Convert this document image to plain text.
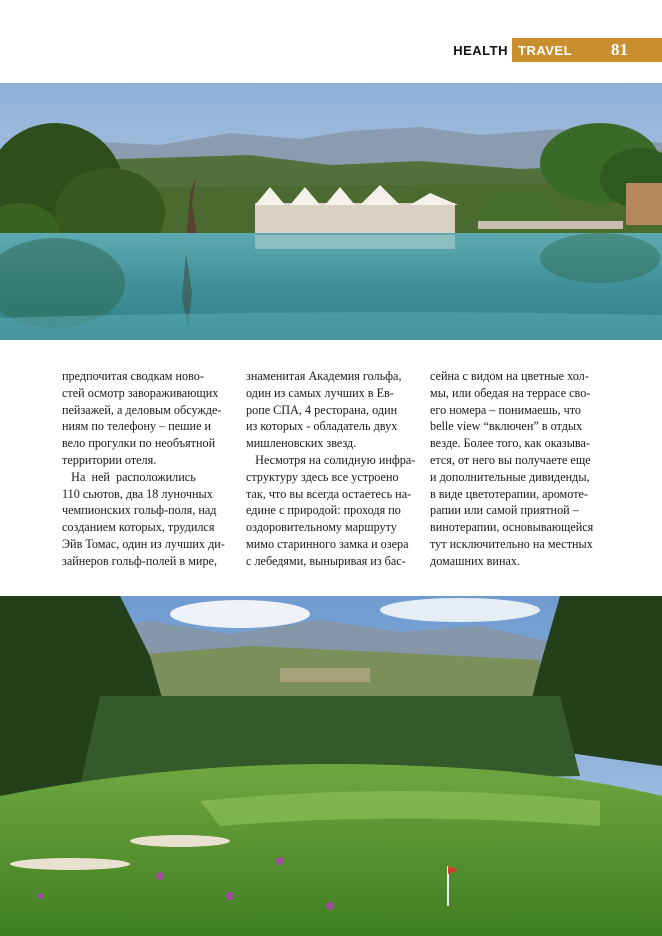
HEALTH TRAVEL 81
предпочитая сводкам ново-
стей осмотр завораживающих
пейзажей, а деловым обсужде-
ниям по телефону – пешие и
вело прогулки по необъятной
территории отеля.
На  ней  расположились
110 сьютов, два 18 луночных
чемпионских гольф-поля, над
созданием которых, трудился
Эйв Томас, один из лучших ди-
зайнеров гольф-полей в мире,
знаменитая Академия гольфа,
один из самых лучших в Ев-
ропе СПА, 4 ресторана, один
из которых - обладатель двух
мишленовских звезд.
Несмотря на солидную инфра-
структуру здесь все устроено
так, что вы всегда остаетесь на-
едине с природой: проходя по
оздоровительному маршруту
мимо старинного замка и озера
с лебедями, выныривая из бас-
сейна с видом на цветные хол-
мы, или обедая на террасе сво-
его номера – понимаешь, что
belle view “включен” в отдых
везде. Более того, как оказыва-
ется, от него вы получаете еще
и дополнительные дивиденды,
в виде цветотерапии, аромоте-
рапии или самой приятной –
винотерапии, основывающейся
тут исключительно на местных
домашних винах.
